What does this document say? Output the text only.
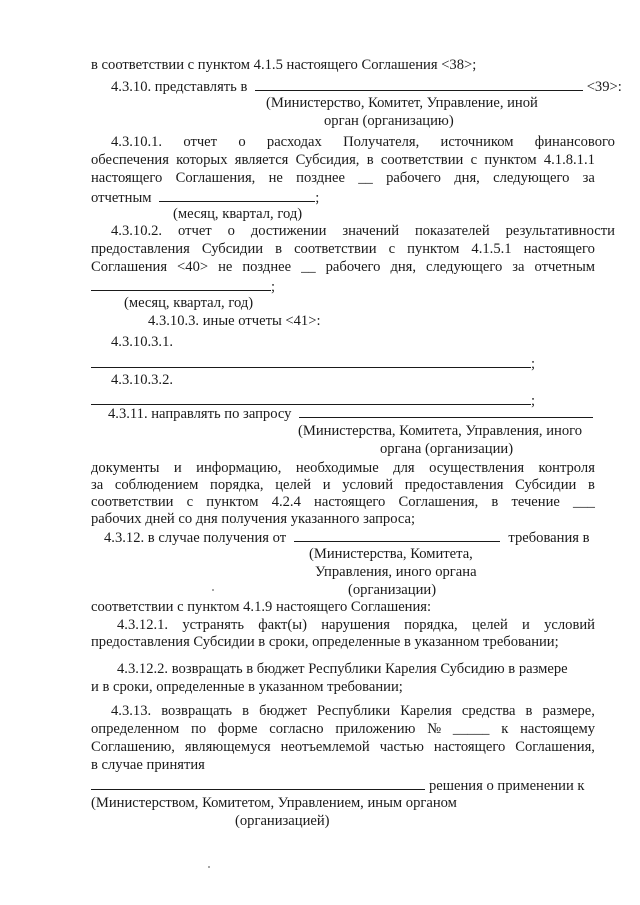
в соответствии с пунктом 4.1.5 настоящего Соглашения <38>;
4.3.10. представлять в	<39>:
(Министерство, Комитет, Управление, иной
орган (организацию)
4.3.10.1. отчет о расходах Получателя, источником финансового
обеспечения которых является Субсидия, в соответствии с пунктом 4.1.8.1.1
настоящего Соглашения, не позднее __ рабочего дня, следующего за
отчетным	;
(месяц, квартал, год)
4.3.10.2. отчет о достижении значений показателей результативности
предоставления Субсидии в соответствии с пунктом 4.1.5.1 настоящего
Соглашения <40> не позднее __ рабочего дня, следующего за отчетным
;
(месяц, квартал, год)
4.3.10.3. иные отчеты <41>:
4.3.10.3.1.
;
4.3.10.3.2.
;
4.3.11. направлять по запросу
(Министерства, Комитета, Управления, иного
органа (организации)
документы и информацию, необходимые для осуществления контроля
за соблюдением порядка, целей и условий предоставления Субсидии в
соответствии с пунктом 4.2.4 настоящего Соглашения, в течение ___
рабочих дней со дня получения указанного запроса;
4.3.12. в случае получения от	требования в
(Министерства, Комитета,
Управления, иного органа
(организации)
соответствии с пунктом 4.1.9 настоящего Соглашения:
4.3.12.1. устранять факт(ы) нарушения порядка, целей и условий
предоставления Субсидии в сроки, определенные в указанном требовании;
4.3.12.2. возвращать в бюджет Республики Карелия Субсидию в размере
и в сроки, определенные в указанном требовании;
4.3.13. возвращать в бюджет Республики Карелия средства в размере,
определенном по форме согласно приложению № _____ к настоящему
Соглашению, являющемуся неотъемлемой частью настоящего Соглашения,
в случае принятия
решения о применении к
(Министерством, Комитетом, Управлением, иным органом
(организацией)
